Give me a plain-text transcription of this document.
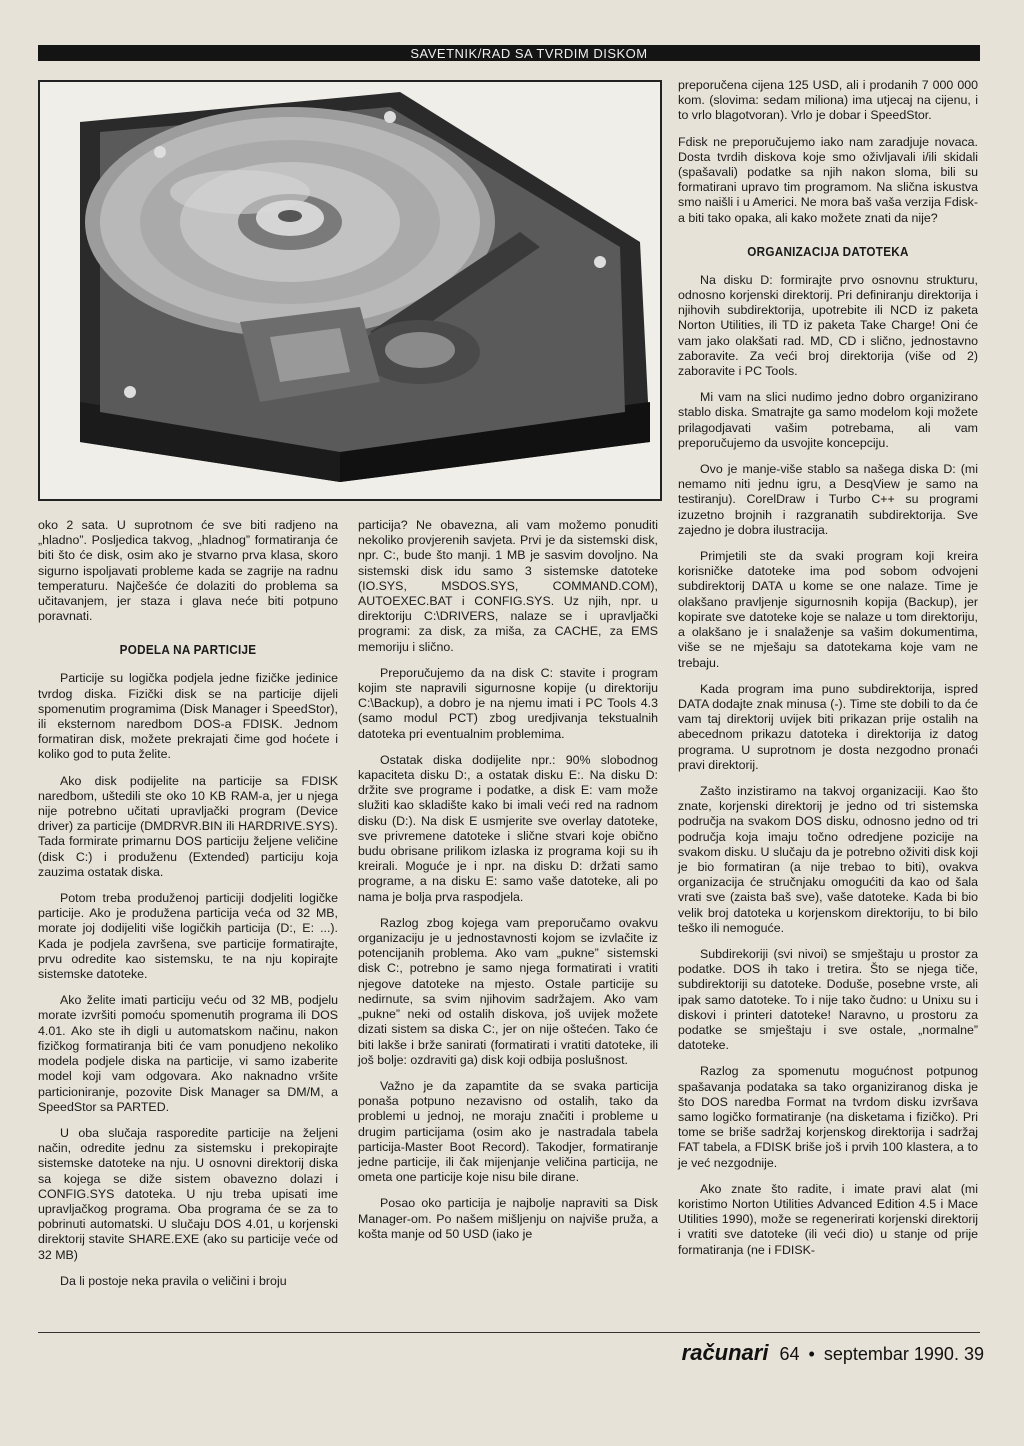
SAVETNIK/RAD SA TVRDIM DISKOM

oko 2 sata. U suprotnom će sve biti radjeno na „hladno”. Posljedica takvog, „hladnog” formatiranja će biti što će disk, osim ako je stvarno prva klasa, skoro sigurno ispoljavati probleme kada se zagrije na radnu temperaturu. Najčešće će dolaziti do problema sa učitavanjem, jer staza i glava neće biti potpuno poravnati.

PODELA NA PARTICIJE

Particije su logička podjela jedne fizičke jedinice tvrdog diska. Fizički disk se na particije dijeli spomenutim programima (Disk Manager i SpeedStor), ili eksternom naredbom DOS-a FDISK. Jednom formatiran disk, možete prekrajati čime god hoćete i koliko god to puta želite.

Ako disk podijelite na particije sa FDISK naredbom, uštedili ste oko 10 KB RAM-a, jer u njega nije potrebno učitati upravljački program (Device driver) za particije (DMDRVR.BIN ili HARDRIVE.SYS). Tada formirate primarnu DOS particiju željene veličine (disk C:) i produženu (Extended) particiju koja zauzima ostatak diska.

Potom treba produženoj particiji dodjeliti logičke particije. Ako je produžena particija veća od 32 MB, morate joj dodijeliti više logičkih particija (D:, E: ...). Kada je podjela završena, sve particije formatirajte, prvu odredite kao sistemsku, te na nju kopirajte sistemske datoteke.

Ako želite imati particiju veću od 32 MB, podjelu morate izvršiti pomoću spomenutih programa ili DOS 4.01. Ako ste ih digli u automatskom načinu, nakon fizičkog formatiranja biti će vam ponudjeno nekoliko modela podjele diska na particije, vi samo izaberite model koji vam odgovara. Ako naknadno vršite particioniranje, pozovite Disk Manager sa DM/M, a SpeedStor sa PARTED.

U oba slučaja rasporedite particije na željeni način, odredite jednu za sistemsku i prekopirajte sistemske datoteke na nju. U osnovni direktorij diska sa kojega se diže sistem obavezno dolazi i CONFIG.SYS datoteka. U nju treba upisati ime upravljačkog programa. Oba programa će se za to pobrinuti automatski. U slučaju DOS 4.01, u korjenski direktorij stavite SHARE.EXE (ako su particije veće od 32 MB)

Da li postoje neka pravila o veličini i broju

particija? Ne obavezna, ali vam možemo ponuditi nekoliko provjerenih savjeta. Prvi je da sistemski disk, npr. C:, bude što manji. 1 MB je sasvim dovoljno. Na sistemski disk idu samo 3 sistemske datoteke (IO.SYS, MSDOS.SYS, COMMAND.COM), AUTOEXEC.BAT i CONFIG.SYS. Uz njih, npr. u direktoriju C:\DRIVERS, nalaze se i upravljački programi: za disk, za miša, za CACHE, za EMS memoriju i slično.

Preporučujemo da na disk C: stavite i program kojim ste napravili sigurnosne kopije (u direktoriju C:\Backup), a dobro je na njemu imati i PC Tools 4.3 (samo modul PCT) zbog uredjivanja tekstualnih datoteka pri eventualnim problemima.

Ostatak diska dodijelite npr.: 90% slobodnog kapaciteta disku D:, a ostatak disku E:. Na disku D: držite sve programe i podatke, a disk E: vam može služiti kao skladište kako bi imali veći red na radnom disku (D:). Na disk E usmjerite sve overlay datoteke, sve privremene datoteke i slične stvari koje obično budu obrisane prilikom izlaska iz programa koji su ih kreirali. Moguće je i npr. na disku D: držati samo programe, a na disku E: samo vaše datoteke, ali po nama je bolja prva raspodjela.

Razlog zbog kojega vam preporučamo ovakvu organizaciju je u jednostavnosti kojom se izvlačite iz potencijanih problema. Ako vam „pukne” sistemski disk C:, potrebno je samo njega formatirati i vratiti njegove datoteke na mjesto. Ostale particije su nedirnute, sa svim njihovim sadržajem. Ako vam „pukne” neki od ostalih diskova, još uvijek možete dizati sistem sa diska C:, jer on nije oštećen. Tako će biti lakše i brže sanirati (formatirati i vratiti datoteke, ili još bolje: ozdraviti ga) disk koji odbija poslušnost.

Važno je da zapamtite da se svaka particija ponaša potpuno nezavisno od ostalih, tako da problemi u jednoj, ne moraju značiti i probleme u drugim particijama (osim ako je nastradala tabela particija-Master Boot Record). Takodjer, formatiranje jedne particije, ili čak mijenjanje veličina particija, ne ometa one particije koje nisu bile dirane.

Posao oko particija je najbolje napraviti sa Disk Manager-om. Po našem mišljenju on najviše pruža, a košta manje od 50 USD (iako je

preporučena cijena 125 USD, ali i prodanih 7 000 000 kom. (slovima: sedam miliona) ima utjecaj na cijenu, i to vrlo blagotvoran). Vrlo je dobar i SpeedStor.

Fdisk ne preporučujemo iako nam zaradjuje novaca. Dosta tvrdih diskova koje smo oživljavali i/ili skidali (spašavali) podatke sa njih nakon sloma, bili su formatirani upravo tim programom. Na slična iskustva smo naišli i u Americi. Ne mora baš vaša verzija Fdisk-a biti tako opaka, ali kako možete znati da nije?

ORGANIZACIJA DATOTEKA

Na disku D: formirajte prvo osnovnu strukturu, odnosno korjenski direktorij. Pri definiranju direktorija i njihovih subdirektorija, upotrebite ili NCD iz paketa Norton Utilities, ili TD iz paketa Take Charge! Oni će vam jako olakšati rad. MD, CD i slično, jednostavno zaboravite. Za veći broj direktorija (više od 2) zaboravite i PC Tools.

Mi vam na slici nudimo jedno dobro organizirano stablo diska. Smatrajte ga samo modelom koji možete prilagodjavati vašim potrebama, ali vam preporučujemo da usvojite koncepciju.

Ovo je manje-više stablo sa našega diska D: (mi nemamo niti jednu igru, a DesqView je samo na testiranju). CorelDraw i Turbo C++ su programi izuzetno brojnih i razgranatih subdirektorija. Sve zajedno je dobra ilustracija.

Primjetili ste da svaki program koji kreira korisničke datoteke ima pod sobom odvojeni subdirektorij DATA u kome se one nalaze. Time je olakšano pravljenje sigurnosnih kopija (Backup), jer kopirate sve datoteke koje se nalaze u tom direktoriju, a olakšano je i snalaženje sa vašim dokumentima, više se ne mješaju sa datotekama koje vam ne trebaju.

Kada program ima puno subdirektorija, ispred DATA dodajte znak minusa (-). Time ste dobili to da će vam taj direktorij uvijek biti prikazan prije ostalih na abecednom prikazu datoteka i direktorija iz datog programa. U suprotnom je dosta nezgodno pronaći pravi direktorij.

Zašto inzistiramo na takvoj organizaciji. Kao što znate, korjenski direktorij je jedno od tri sistemska područja na svakom DOS disku, odnosno jedno od tri područja koja imaju točno odredjene pozicije na svakom disku. U slučaju da je potrebno oživiti disk koji je bio formatiran (a nije trebao to biti), ovakva organizacija će stručnjaku omogućiti da kao od šala vrati sve (zaista baš sve), vaše datoteke. Kada bi bio velik broj datoteka u korjenskom direktoriju, to bi bilo teško ili nemoguće.

Subdirekoriji (svi nivoi) se smještaju u prostor za podatke. DOS ih tako i tretira. Što se njega tiče, subdirektoriji su datoteke. Doduše, posebne vrste, ali ipak samo datoteke. To i nije tako čudno: u Unixu su i diskovi i printeri datoteke! Naravno, u prostoru za podatke se smještaju i sve ostale, „normalne” datoteke.

Razlog za spomenutu mogućnost potpunog spašavanja podataka sa tako organiziranog diska je što DOS naredba Format na tvrdom disku izvršava samo logičko formatiranje (na disketama i fizičko). Pri tome se briše sadržaj korjenskog direktorija i sadržaj FAT tabela, a FDISK briše još i prvih 100 klastera, a to je već nezgodnije.

Ako znate što radite, i imate pravi alat (mi koristimo Norton Utilities Advanced Edition 4.5 i Mace Utilities 1990), može se regenerirati korjenski direktorij i vratiti sve datoteke (ili veći dio) u stanje od prije formatiranja (ne i FDISK-

računari 64 • septembar 1990. 39
